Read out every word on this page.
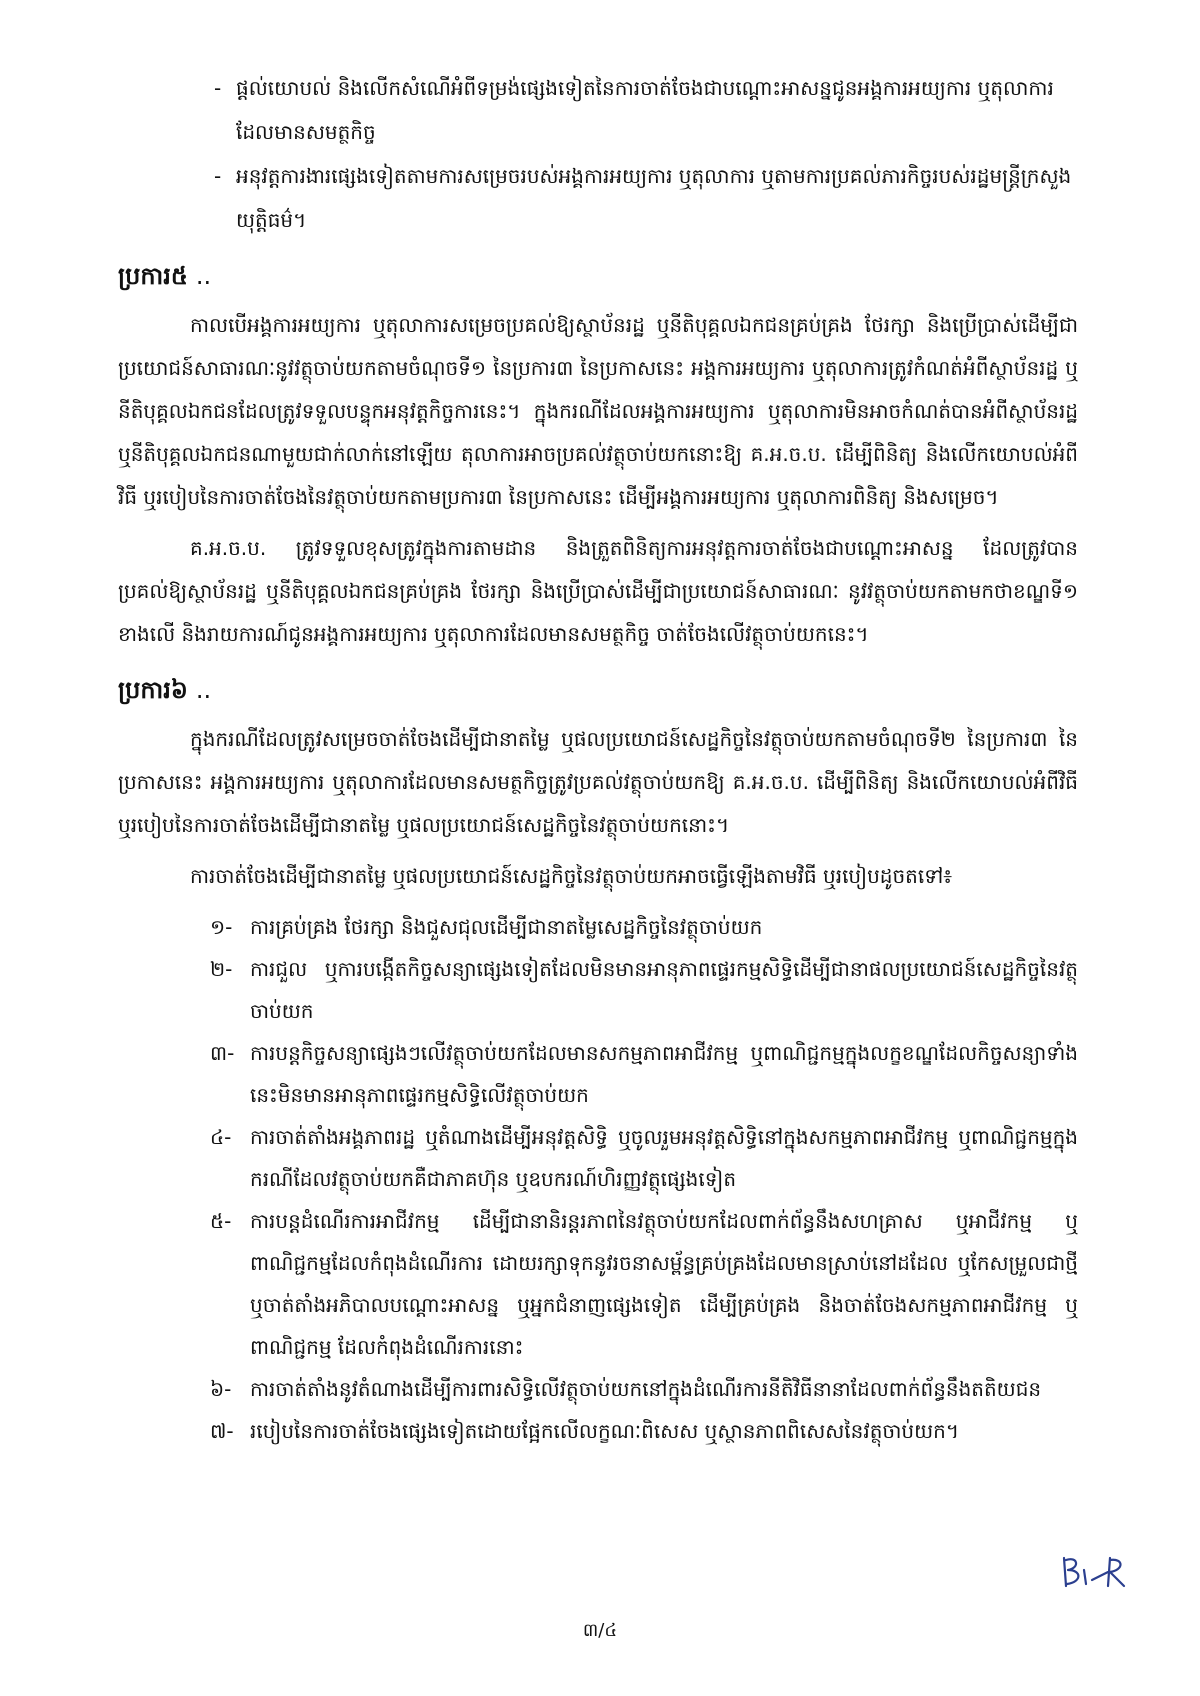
- ផ្តល់យោបល់ និងលើកសំណើអំពីទម្រង់ផ្សេងទៀតនៃការចាត់ចែងជាបណ្តោះអាសន្នជូនអង្គការអយ្យការ ឬតុលាការដែលមានសមត្ថកិច្ច
- អនុវត្តការងារផ្សេងទៀតតាមការសម្រេចរបស់អង្គការអយ្យការ ឬតុលាការ ឬតាមការប្រគល់ភារកិច្ចរបស់រដ្ឋមន្ត្រីក្រសួងយុត្តិធម៌។
ប្រការ៥ ..

កាលបើអង្គការអយ្យការ ឬតុលាការសម្រេចប្រគល់ឱ្យស្ថាប័នរដ្ឋ ឬនីតិបុគ្គលឯកជនគ្រប់គ្រង ថែរក្សា និងប្រើប្រាស់ដើម្បីជាប្រយោជន៍សាធារណៈនូវវត្ថុចាប់យកតាមចំណុចទី១ នៃប្រការ៣ នៃប្រកាសនេះ អង្គការអយ្យការ ឬតុលាការត្រូវកំណត់អំពីស្ថាប័នរដ្ឋ ឬនីតិបុគ្គលឯកជនដែលត្រូវទទួលបន្ទុកអនុវត្តកិច្ចការនេះ។ ក្នុងករណីដែលអង្គការអយ្យការ ឬតុលាការមិនអាចកំណត់បានអំពីស្ថាប័នរដ្ឋ ឬនីតិបុគ្គលឯកជនណាមួយជាក់លាក់នៅឡើយ តុលាការអាចប្រគល់វត្ថុចាប់យកនោះឱ្យ គ.អ.ច.ប. ដើម្បីពិនិត្យ និងលើកយោបល់អំពីវិធី ឬរបៀបនៃការចាត់ចែងនៃវត្ថុចាប់យកតាមប្រការ៣ នៃប្រកាសនេះ ដើម្បីអង្គការអយ្យការ ឬតុលាការពិនិត្យ និងសម្រេច។

គ.អ.ច.ប. ត្រូវទទួលខុសត្រូវក្នុងការតាមដាន និងត្រួតពិនិត្យការអនុវត្តការចាត់ចែងជាបណ្តោះអាសន្ន ដែលត្រូវបានប្រគល់ឱ្យស្ថាប័នរដ្ឋ ឬនីតិបុគ្គលឯកជនគ្រប់គ្រង ថែរក្សា និងប្រើប្រាស់ដើម្បីជាប្រយោជន៍សាធារណៈ នូវវត្ថុចាប់យកតាមកថាខណ្ឌទី១ ខាងលើ និងរាយការណ៍ជូនអង្គការអយ្យការ ឬតុលាការដែលមានសមត្ថកិច្ច ចាត់ចែងលើវត្ថុចាប់យកនេះ។

ប្រការ៦ ..

ក្នុងករណីដែលត្រូវសម្រេចចាត់ចែងដើម្បីជានាតម្លៃ ឬផលប្រយោជន៍សេដ្ឋកិច្ចនៃវត្ថុចាប់យកតាមចំណុចទី២ នៃប្រការ៣ នៃប្រកាសនេះ អង្គការអយ្យការ ឬតុលាការដែលមានសមត្ថកិច្ចត្រូវប្រគល់វត្ថុចាប់យកឱ្យ គ.អ.ច.ប. ដើម្បីពិនិត្យ និងលើកយោបល់អំពីវិធី ឬរបៀបនៃការចាត់ចែងដើម្បីជានាតម្លៃ ឬផលប្រយោជន៍សេដ្ឋកិច្ចនៃវត្ថុចាប់យកនោះ។

ការចាត់ចែងដើម្បីជានាតម្លៃ ឬផលប្រយោជន៍សេដ្ឋកិច្ចនៃវត្ថុចាប់យកអាចធ្វើឡើងតាមវិធី ឬរបៀបដូចតទៅ៖

១- ការគ្រប់គ្រង ថែរក្សា និងជួសជុលដើម្បីជានាតម្លៃសេដ្ឋកិច្ចនៃវត្ថុចាប់យក
២- ការជួល ឬការបង្កើតកិច្ចសន្យាផ្សេងទៀតដែលមិនមានអានុភាពផ្ទេរកម្មសិទ្ធិដើម្បីជានាផលប្រយោជន៍សេដ្ឋកិច្ចនៃវត្ថុចាប់យក
៣- ការបន្តកិច្ចសន្យាផ្សេងៗលើវត្ថុចាប់យកដែលមានសកម្មភាពអាជីវកម្ម ឬពាណិជ្ជកម្មក្នុងលក្ខខណ្ឌដែលកិច្ចសន្យាទាំងនេះមិនមានអានុភាពផ្ទេរកម្មសិទ្ធិលើវត្ថុចាប់យក
៤- ការចាត់តាំងអង្គភាពរដ្ឋ ឬតំណាងដើម្បីអនុវត្តសិទ្ធិ ឬចូលរួមអនុវត្តសិទ្ធិនៅក្នុងសកម្មភាពអាជីវកម្ម ឬពាណិជ្ជកម្មក្នុងករណីដែលវត្ថុចាប់យកគឺជាភាគហ៊ុន ឬឧបករណ៍ហិរញ្ញវត្ថុផ្សេងទៀត
៥- ការបន្តដំណើរការអាជីវកម្ម ដើម្បីជានានិរន្តរភាពនៃវត្ថុចាប់យកដែលពាក់ព័ន្ធនឹងសហគ្រាស ឬអាជីវកម្ម ឬពាណិជ្ជកម្មដែលកំពុងដំណើរការ ដោយរក្សាទុកនូវរចនាសម្ព័ន្ធគ្រប់គ្រងដែលមានស្រាប់នៅដដែល ឬកែសម្រួលជាថ្មី ឬចាត់តាំងអភិបាលបណ្តោះអាសន្ន ឬអ្នកជំនាញផ្សេងទៀត ដើម្បីគ្រប់គ្រង និងចាត់ចែងសកម្មភាពអាជីវកម្ម ឬពាណិជ្ជកម្ម ដែលកំពុងដំណើរការនោះ
៦- ការចាត់តាំងនូវតំណាងដើម្បីការពារសិទ្ធិលើវត្ថុចាប់យកនៅក្នុងដំណើរការនីតិវិធីនានាដែលពាក់ព័ន្ធនឹងតតិយជន
៧- របៀបនៃការចាត់ចែងផ្សេងទៀតដោយផ្អែកលើលក្ខណៈពិសេស ឬស្ថានភាពពិសេសនៃវត្ថុចាប់យក។
៣/៤
